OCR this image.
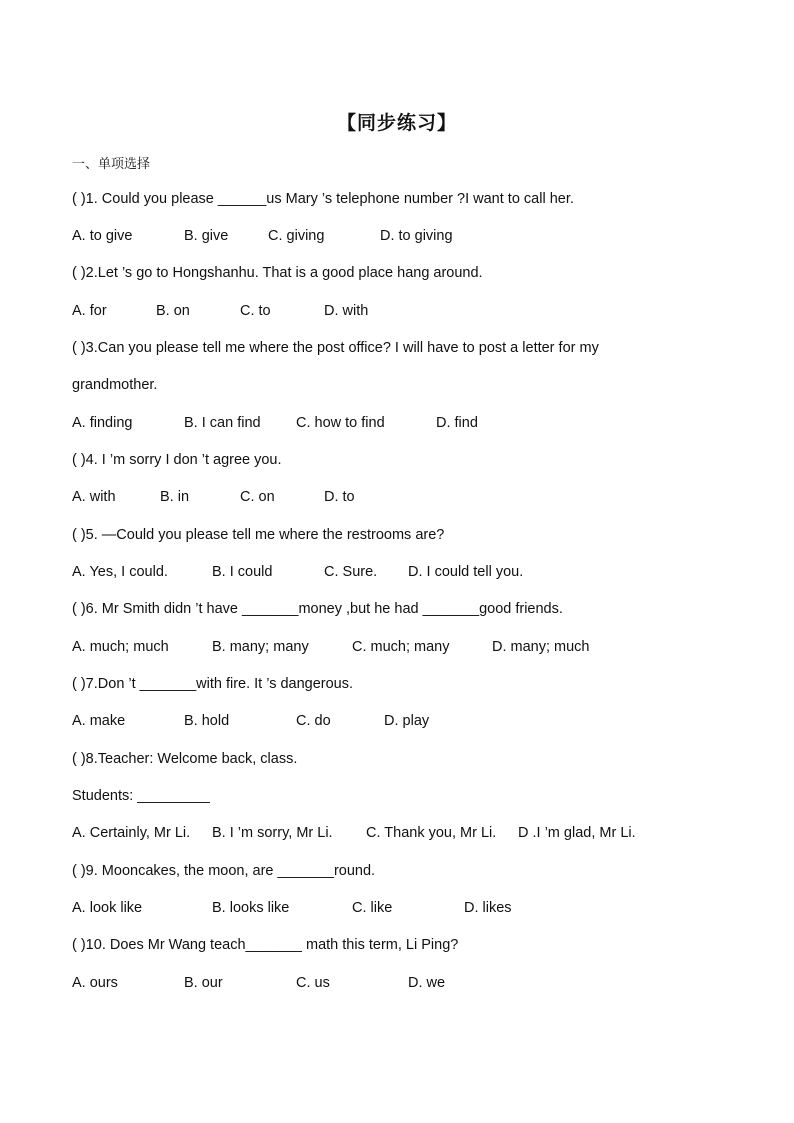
【同步练习】
一、单项选择
( )1. Could you please ______us Mary ’s telephone number ?I want to call her.
A. to give	B. give	C. giving	D. to giving
( )2.Let ’s go to Hongshanhu. That is a good place hang around.
A. for	B. on	C. to	D. with
( )3.Can you please tell me where the post office? I will have to post a letter for my
grandmother.
A. finding	B. I can find C. how to find	D. find
( )4. I ’m sorry I don ’t agree you.
A. with	B. in	C. on	D. to
( )5. —Could you please tell me where the restrooms are?
A. Yes, I could.	B. I could	C. Sure. D. I could tell you.
( )6. Mr Smith didn ’t have _______money ,but he had _______good friends.
A. much; much	B. many; many	C. much; many	D. many; much
( )7.Don ’t _______with fire. It ’s dangerous.
A. make	B. hold	C. do	D. play
( )8.Teacher: Welcome back, class.
Students: _________
A. Certainly, Mr Li. B. I ’m sorry, Mr Li. C. Thank you, Mr Li. D .I ’m glad, Mr Li.
( )9. Mooncakes, the moon, are _______round.
A. look like	B. looks like	C. like	D. likes
( )10. Does Mr Wang teach_______ math this term, Li Ping?
A. ours	B. our	C. us	D. we
